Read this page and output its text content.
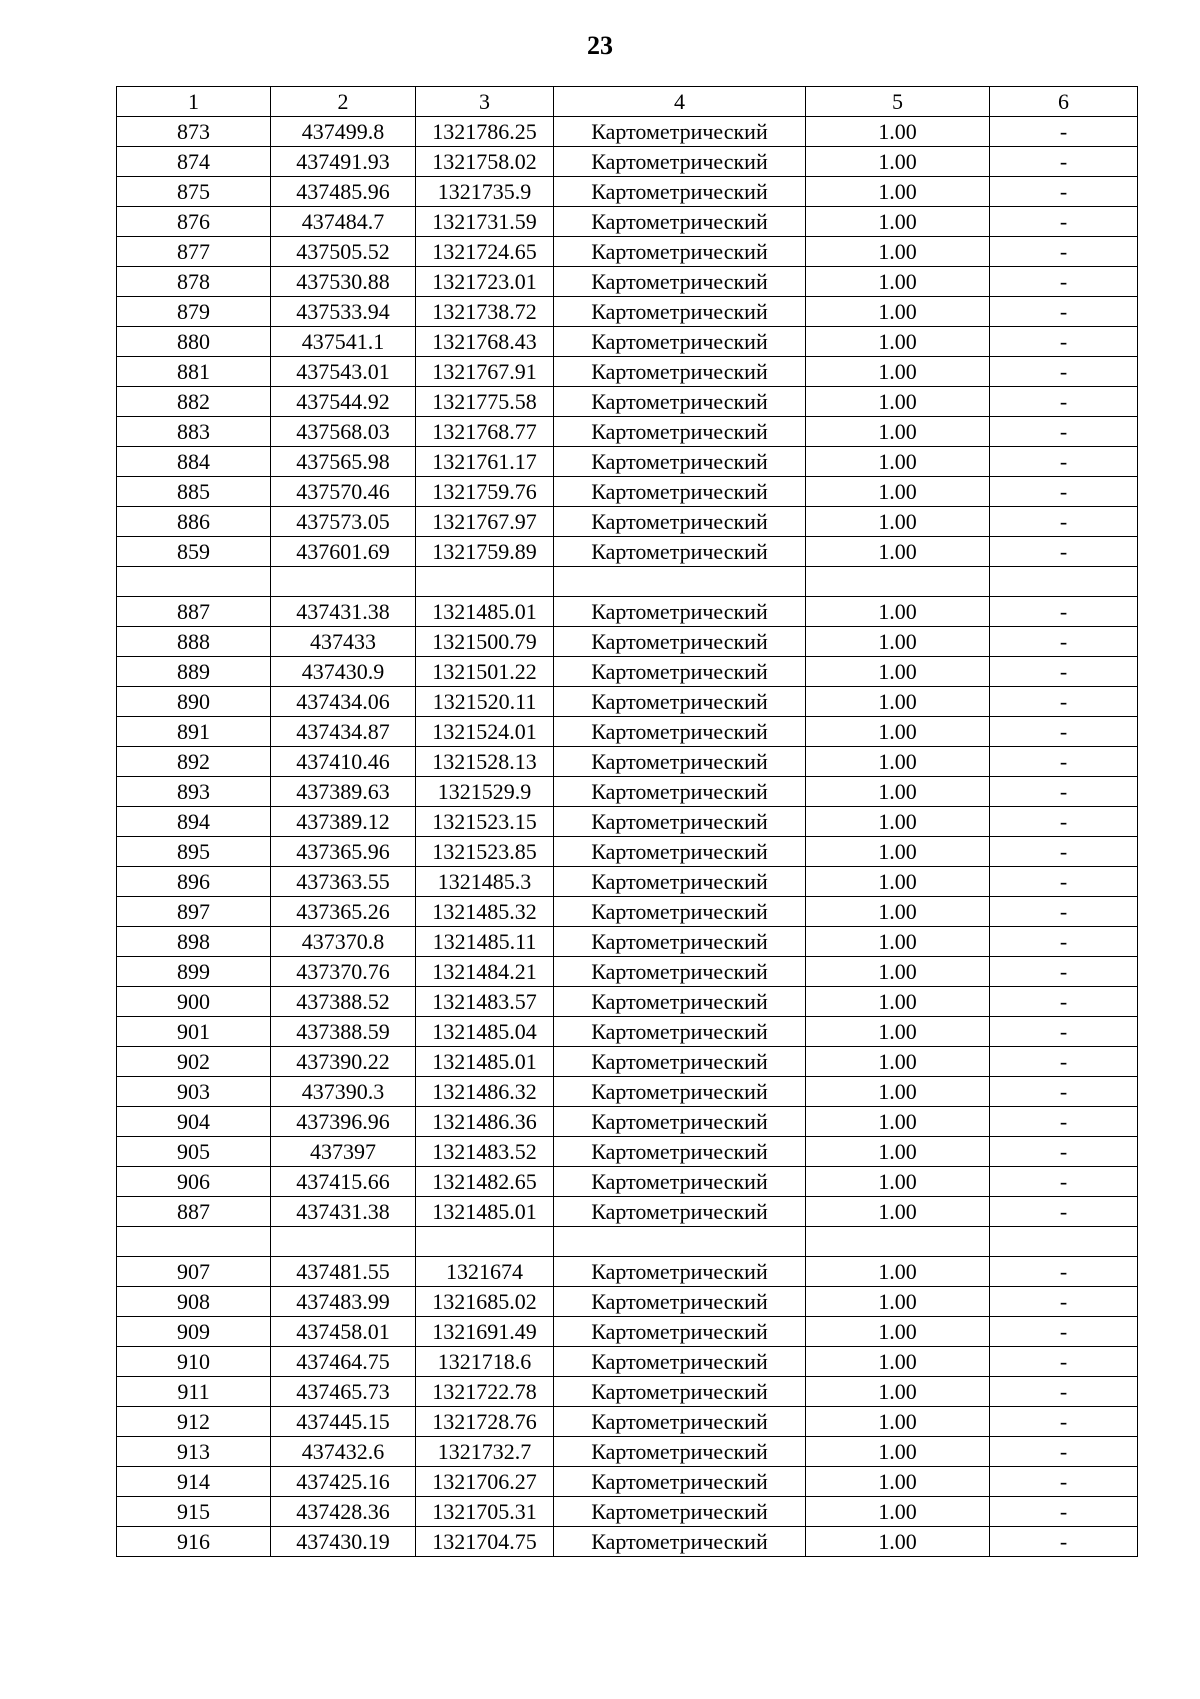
23
1	2	3	4	5	6
873	437499.8	1321786.25	Картометрический	1.00	-
874	437491.93	1321758.02	Картометрический	1.00	-
875	437485.96	1321735.9	Картометрический	1.00	-
876	437484.7	1321731.59	Картометрический	1.00	-
877	437505.52	1321724.65	Картометрический	1.00	-
878	437530.88	1321723.01	Картометрический	1.00	-
879	437533.94	1321738.72	Картометрический	1.00	-
880	437541.1	1321768.43	Картометрический	1.00	-
881	437543.01	1321767.91	Картометрический	1.00	-
882	437544.92	1321775.58	Картометрический	1.00	-
883	437568.03	1321768.77	Картометрический	1.00	-
884	437565.98	1321761.17	Картометрический	1.00	-
885	437570.46	1321759.76	Картометрический	1.00	-
886	437573.05	1321767.97	Картометрический	1.00	-
859	437601.69	1321759.89	Картометрический	1.00	-

887	437431.38	1321485.01	Картометрический	1.00	-
888	437433	1321500.79	Картометрический	1.00	-
889	437430.9	1321501.22	Картометрический	1.00	-
890	437434.06	1321520.11	Картометрический	1.00	-
891	437434.87	1321524.01	Картометрический	1.00	-
892	437410.46	1321528.13	Картометрический	1.00	-
893	437389.63	1321529.9	Картометрический	1.00	-
894	437389.12	1321523.15	Картометрический	1.00	-
895	437365.96	1321523.85	Картометрический	1.00	-
896	437363.55	1321485.3	Картометрический	1.00	-
897	437365.26	1321485.32	Картометрический	1.00	-
898	437370.8	1321485.11	Картометрический	1.00	-
899	437370.76	1321484.21	Картометрический	1.00	-
900	437388.52	1321483.57	Картометрический	1.00	-
901	437388.59	1321485.04	Картометрический	1.00	-
902	437390.22	1321485.01	Картометрический	1.00	-
903	437390.3	1321486.32	Картометрический	1.00	-
904	437396.96	1321486.36	Картометрический	1.00	-
905	437397	1321483.52	Картометрический	1.00	-
906	437415.66	1321482.65	Картометрический	1.00	-
887	437431.38	1321485.01	Картометрический	1.00	-

907	437481.55	1321674	Картометрический	1.00	-
908	437483.99	1321685.02	Картометрический	1.00	-
909	437458.01	1321691.49	Картометрический	1.00	-
910	437464.75	1321718.6	Картометрический	1.00	-
911	437465.73	1321722.78	Картометрический	1.00	-
912	437445.15	1321728.76	Картометрический	1.00	-
913	437432.6	1321732.7	Картометрический	1.00	-
914	437425.16	1321706.27	Картометрический	1.00	-
915	437428.36	1321705.31	Картометрический	1.00	-
916	437430.19	1321704.75	Картометрический	1.00	-
